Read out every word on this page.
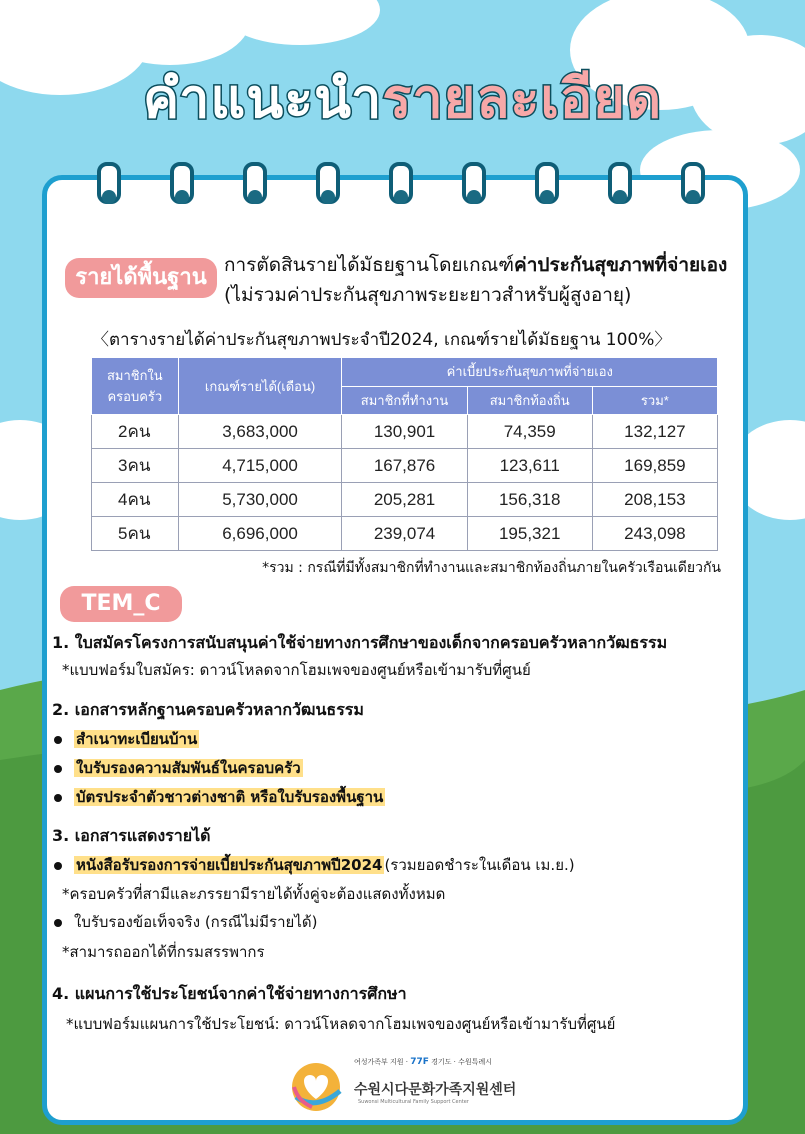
คำแนะนำรายละเอียด
รายได้พื้นฐาน การตัดสินรายได้มัธยฐานโดยเกณฑ์ค่าประกันสุขภาพที่จ่ายเอง
(ไม่รวมค่าประกันสุขภาพระยะยาวสำหรับผู้สูงอายุ)
〈ตารางรายได้ค่าประกันสุขภาพประจำปี2024, เกณฑ์รายได้มัธยฐาน 100%〉
สมาชิกในครอบครัว	เกณฑ์รายได้(เดือน)	ค่าเบี้ยประกันสุขภาพที่จ่ายเอง		
		สมาชิกที่ทำงาน	สมาชิกท้องถิ่น	รวม*
2คน	3,683,000	130,901	74,359	132,127
3คน	4,715,000	167,876	123,611	169,859
4คน	5,730,000	205,281	156,318	208,153
5คน	6,696,000	239,074	195,321	243,098
*รวม : กรณีที่มีทั้งสมาชิกที่ทำงานและสมาชิกท้องถิ่นภายในครัวเรือนเดียวกัน
TEM_C
1. ใบสมัครโครงการสนับสนุนค่าใช้จ่ายทางการศึกษาของเด็กจากครอบครัวหลากวัฒธรรม
*แบบฟอร์มใบสมัคร: ดาวน์โหลดจากโฮมเพจของศูนย์หรือเข้ามารับที่ศูนย์
2. เอกสารหลักฐานครอบครัวหลากวัฒนธรรม
สำเนาทะเบียนบ้าน
ใบรับรองความสัมพันธ์ในครอบครัว
บัตรประจำตัวชาวต่างชาติ หรือใบรับรองพื้นฐาน
3. เอกสารแสดงรายได้
หนังสือรับรองการจ่ายเบี้ยประกันสุขภาพปี2024 (รวมยอดชำระในเดือน เม.ย.)
*ครอบครัวที่สามีและภรรยามีรายได้ทั้งคู่จะต้องแสดงทั้งหมด
ใบรับรองข้อเท็จจริง (กรณีไม่มีรายได้)
*สามารถออกได้ที่กรมสรรพากร
4. แผนการใช้ประโยชน์จากค่าใช้จ่ายทางการศึกษา
*แบบฟอร์มแผนการใช้ประโยชน์: ดาวน์โหลดจากโฮมเพจของศูนย์หรือเข้ามารับที่ศูนย์
여성가족부 지원 · 77F 경기도 · 수원특례시
수원시다문화가족지원센터
Suwonsi Multicultural Family Support Center
